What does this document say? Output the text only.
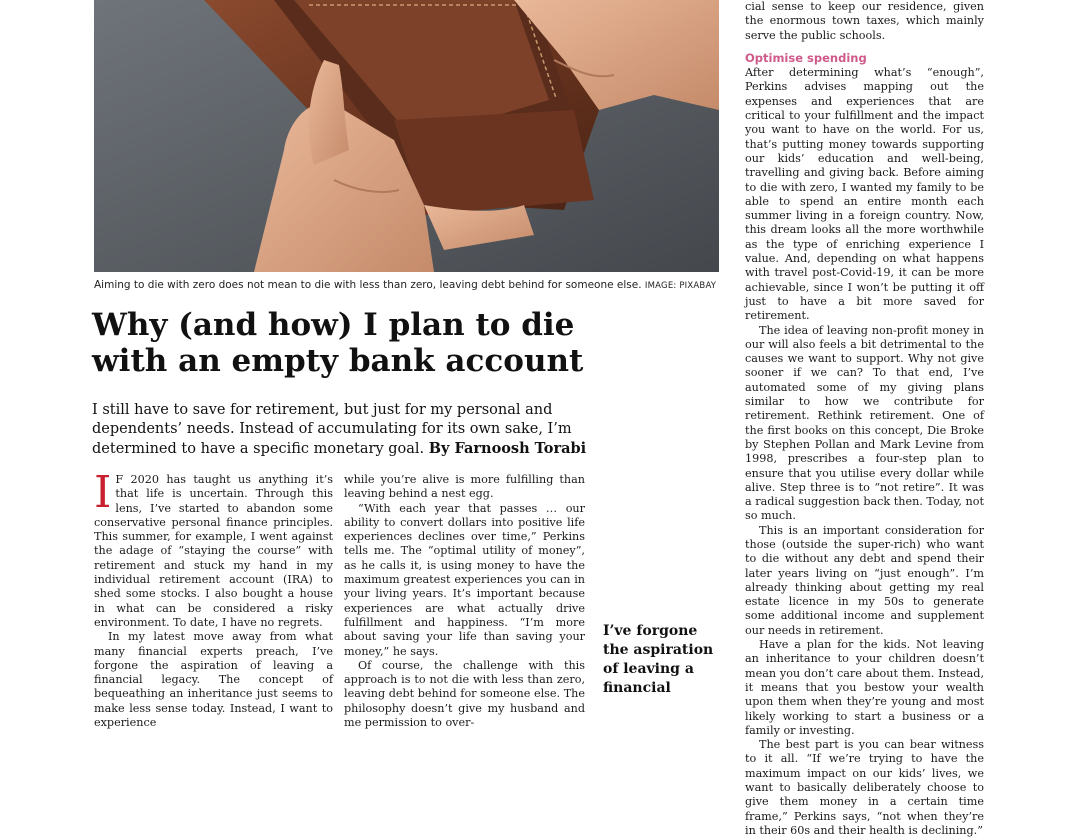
Aiming to die with zero does not mean to die with less than zero, leaving debt behind for someone else. IMAGE: PIXABAY
Why (and how) I plan to die with an empty bank account

I still have to save for retirement, but just for my personal and dependents’ needs. Instead of accumulating for its own sake, I’m determined to have a specific monetary goal. By Farnoosh Torabi

I F 2020 has taught us anything it’s that life is uncertain. Through this lens, I’ve started to abandon some conservative personal finance principles. This summer, for example, I went against the adage of “staying the course” with retirement and stuck my hand in my individual retirement account (IRA) to shed some stocks. I also bought a house in what can be considered a risky environment. To date, I have no regrets.

In my latest move away from what many financial experts preach, I’ve forgone the aspiration of leaving a financial legacy. The concept of bequeathing an inheritance just seems to make less sense today. Instead, I want to experience

while you’re alive is more fulfilling than leaving behind a nest egg.

“With each year that passes … our ability to convert dollars into positive life experiences declines over time,” Perkins tells me. The “optimal utility of money”, as he calls it, is using money to have the maximum greatest experiences you can in your living years. It’s important because experiences are what actually drive fulfillment and happiness. “I’m more about saving your life than saving your money,” he says.

Of course, the challenge with this approach is to not die with less than zero, leaving debt behind for someone else. The philosophy doesn’t give my husband and me permission to over-

I’ve forgone the aspiration of leaving a financial

cial sense to keep our residence, given the enormous town taxes, which mainly serve the public schools.

Optimise spending

After determining what’s “enough”, Perkins advises mapping out the expenses and experiences that are critical to your fulfillment and the impact you want to have on the world. For us, that’s putting money towards supporting our kids’ education and well-being, travelling and giving back. Before aiming to die with zero, I wanted my family to be able to spend an entire month each summer living in a foreign country. Now, this dream looks all the more worthwhile as the type of enriching experience I value. And, depending on what happens with travel post-Covid-19, it can be more achievable, since I won’t be putting it off just to have a bit more saved for retirement.

The idea of leaving non-profit money in our will also feels a bit detrimental to the causes we want to support. Why not give sooner if we can? To that end, I’ve automated some of my giving plans similar to how we contribute for retirement. Rethink retirement. One of the first books on this concept, Die Broke by Stephen Pollan and Mark Levine from 1998, prescribes a four-step plan to ensure that you utilise every dollar while alive. Step three is to “not retire”. It was a radical suggestion back then. Today, not so much.

This is an important consideration for those (outside the super-rich) who want to die without any debt and spend their later years living on “just enough”. I’m already thinking about getting my real estate licence in my 50s to generate some additional income and supplement our needs in retirement.

Have a plan for the kids. Not leaving an inheritance to your children doesn’t mean you don’t care about them. Instead, it means that you bestow your wealth upon them when they’re young and most likely working to start a business or a family or investing.

The best part is you can bear witness to it all. “If we’re trying to have the maximum impact on our kids’ lives, we want to basically deliberately choose to give them money in a certain time frame,” Perkins says, “not when they’re in their 60s and their health is declining.”
